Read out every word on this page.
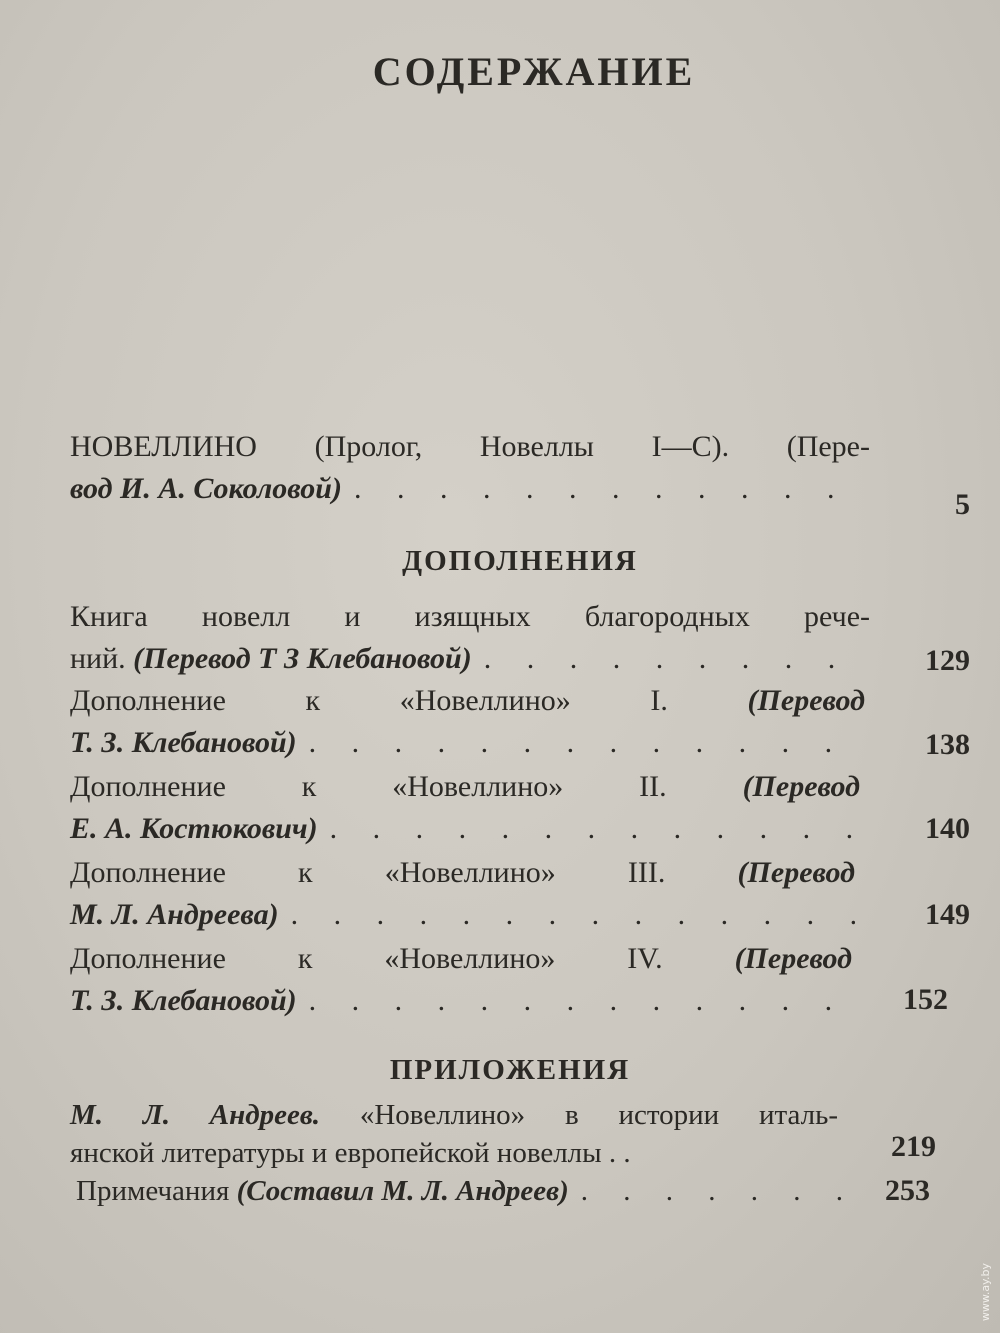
СОДЕРЖАНИЕ
НОВЕЛЛИНО (Пролог, Новеллы I—С). (Пере-
вод И. А. Соколовой) . . .	5
ДОПОЛНЕНИЯ
Книга новелл и изящных благородных рече-
ний.
(Перевод Т З Клебановой) . . .	129
Дополнение к «Новеллино» I.	(Перевод
Т. З. Клебановой) . . .	138
Дополнение к «Новеллино» II.	(Перевод
Е. А. Костюкович) . . .	140
Дополнение к «Новеллино» III. (Перевод
М. Л. Андреева) . . .	149
Дополнение к «Новеллино» IV. (Перевод
Т. З. Клебановой) . . .	152
ПРИЛОЖЕНИЯ
М. Л. Андреев. «Новеллино» в истории италь-
янской литературы и европейской новеллы . .	219
Примечания
(Составил М. Л. Андреев) . . .	253
www.ay.by
